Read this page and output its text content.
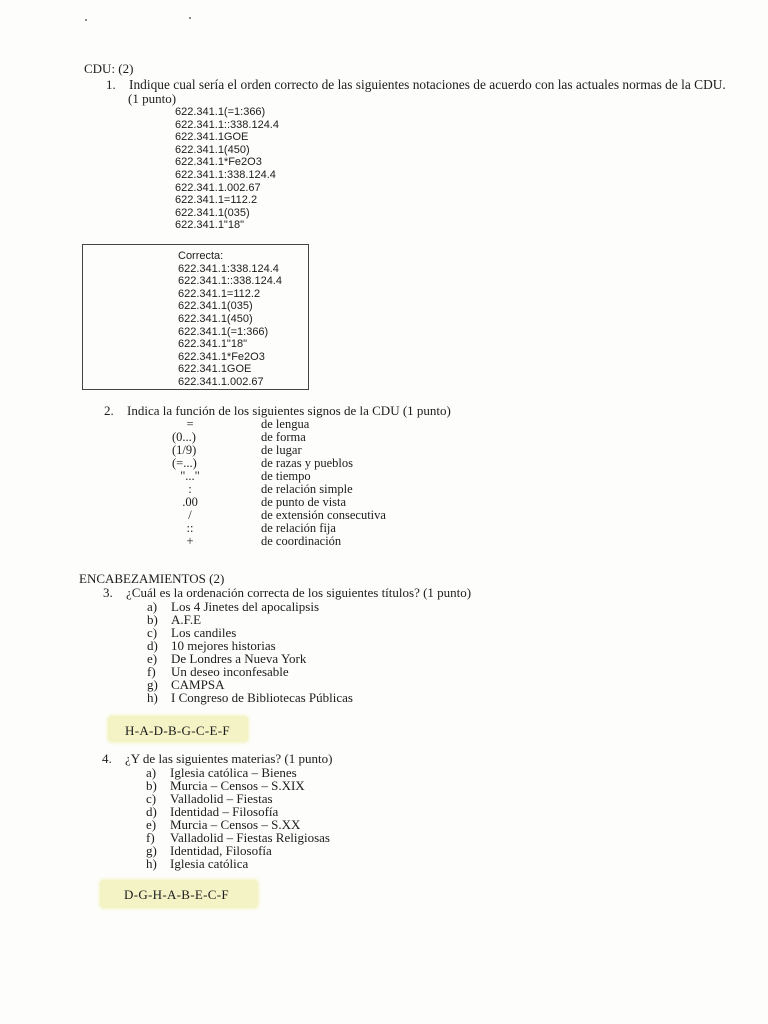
CDU: (2)
1. Indique cual sería el orden correcto de las siguientes notaciones de acuerdo con las actuales normas de la CDU.
(1 punto)
622.341.1(=1:366)
622.341.1::338.124.4
622.341.1GOE
622.341.1(450)
622.341.1*Fe2O3
622.341.1:338.124.4
622.341.1.002.67
622.341.1=112.2
622.341.1(035)
622.341.1"18"
Correcta:
622.341.1:338.124.4
622.341.1::338.124.4
622.341.1=112.2
622.341.1(035)
622.341.1(450)
622.341.1(=1:366)
622.341.1"18"
622.341.1*Fe2O3
622.341.1GOE
622.341.1.002.67
2. Indica la función de los siguientes signos de la CDU (1 punto)
=
(0...)
(1/9)
(=...)
"..."
:
.00
/
::
+
de lengua
de forma
de lugar
de razas y pueblos
de tiempo
de relación simple
de punto de vista
de extensión consecutiva
de relación fija
de coordinación
ENCABEZAMIENTOS (2)
3. ¿Cuál es la ordenación correcta de los siguientes títulos? (1 punto)
a)
b)
c)
d)
e)
f)
g)
h)
Los 4 Jinetes del apocalipsis
A.F.E
Los candiles
10 mejores historias
De Londres a Nueva York
Un deseo inconfesable
CAMPSA
I Congreso de Bibliotecas Públicas
H-A-D-B-G-C-E-F
4. ¿Y de las siguientes materias? (1 punto)
a)
b)
c)
d)
e)
f)
g)
h)
Iglesia católica – Bienes
Murcia – Censos – S.XIX
Valladolid – Fiestas
Identidad – Filosofía
Murcia – Censos – S.XX
Valladolid – Fiestas Religiosas
Identidad, Filosofía
Iglesia católica
D-G-H-A-B-E-C-F
